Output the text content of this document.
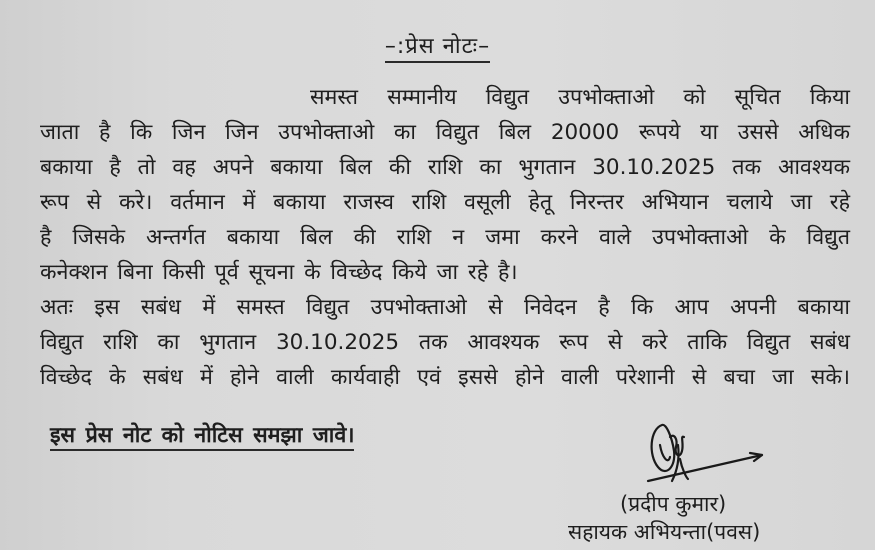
–:प्रेस नोटः–
समस्त सम्मानीय विद्युत उपभोक्ताओ को सूचित किया
जाता है कि जिन जिन उपभोक्ताओ का विद्युत बिल 20000 रूपये या उससे अधिक
बकाया है तो वह अपने बकाया बिल की राशि का भुगतान 30.10.2025 तक आवश्यक
रूप से करे। वर्तमान में बकाया राजस्व राशि वसूली हेतू निरन्तर अभियान चलाये जा रहे
है जिसके अन्तर्गत बकाया बिल की राशि न जमा करने वाले उपभोक्ताओ के विद्युत
कनेक्शन बिना किसी पूर्व सूचना के विच्छेद किये जा रहे है।
अतः इस सबंध में समस्त विद्युत उपभोक्ताओ से निवेदन है कि आप अपनी बकाया
विद्युत राशि का भुगतान 30.10.2025 तक आवश्यक रूप से करे ताकि विद्युत सबंध
विच्छेद के सबंध में होने वाली कार्यवाही एवं इससे होने वाली परेशानी से बचा जा सके।
इस प्रेस नोट को नोटिस समझा जावे।
(प्रदीप कुमार)
सहायक अभियन्ता(पवस)
